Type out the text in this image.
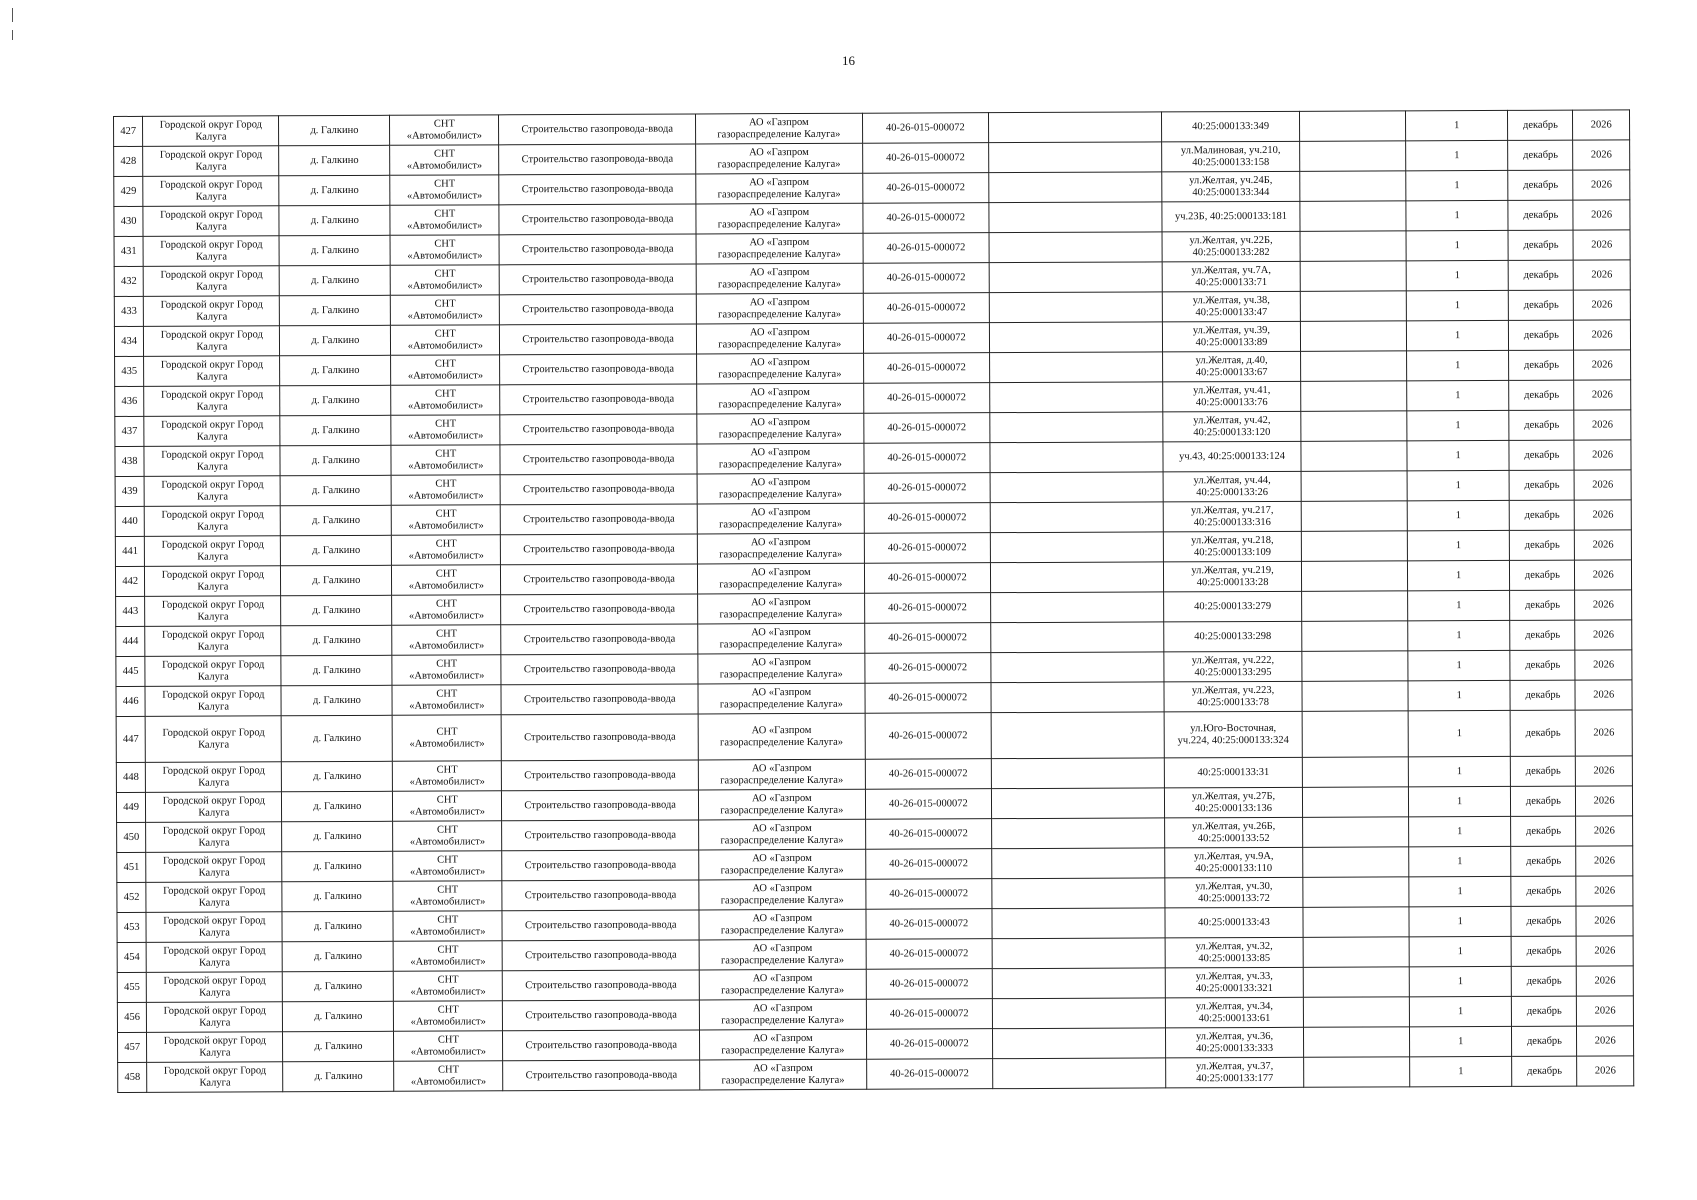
16
427	Городской округ Город
Калуга	д. Галкино	СНТ
«Автомобилист»	Строительство газопровода-ввода	АО «Газпром
газораспределение Калуга»	40-26-015-000072		40:25:000133:349		1	декабрь	2026
428	Городской округ Город
Калуга	д. Галкино	СНТ
«Автомобилист»	Строительство газопровода-ввода	АО «Газпром
газораспределение Калуга»	40-26-015-000072		ул.Малиновая, уч.210,
40:25:000133:158		1	декабрь	2026
429	Городской округ Город
Калуга	д. Галкино	СНТ
«Автомобилист»	Строительство газопровода-ввода	АО «Газпром
газораспределение Калуга»	40-26-015-000072		ул.Желтая, уч.24Б,
40:25:000133:344		1	декабрь	2026
430	Городской округ Город
Калуга	д. Галкино	СНТ
«Автомобилист»	Строительство газопровода-ввода	АО «Газпром
газораспределение Калуга»	40-26-015-000072		уч.23Б, 40:25:000133:181		1	декабрь	2026
431	Городской округ Город
Калуга	д. Галкино	СНТ
«Автомобилист»	Строительство газопровода-ввода	АО «Газпром
газораспределение Калуга»	40-26-015-000072		ул.Желтая, уч.22Б,
40:25:000133:282		1	декабрь	2026
432	Городской округ Город
Калуга	д. Галкино	СНТ
«Автомобилист»	Строительство газопровода-ввода	АО «Газпром
газораспределение Калуга»	40-26-015-000072		ул.Желтая, уч.7А,
40:25:000133:71		1	декабрь	2026
433	Городской округ Город
Калуга	д. Галкино	СНТ
«Автомобилист»	Строительство газопровода-ввода	АО «Газпром
газораспределение Калуга»	40-26-015-000072		ул.Желтая, уч.38,
40:25:000133:47		1	декабрь	2026
434	Городской округ Город
Калуга	д. Галкино	СНТ
«Автомобилист»	Строительство газопровода-ввода	АО «Газпром
газораспределение Калуга»	40-26-015-000072		ул.Желтая, уч.39,
40:25:000133:89		1	декабрь	2026
435	Городской округ Город
Калуга	д. Галкино	СНТ
«Автомобилист»	Строительство газопровода-ввода	АО «Газпром
газораспределение Калуга»	40-26-015-000072		ул.Желтая, д.40,
40:25:000133:67		1	декабрь	2026
436	Городской округ Город
Калуга	д. Галкино	СНТ
«Автомобилист»	Строительство газопровода-ввода	АО «Газпром
газораспределение Калуга»	40-26-015-000072		ул.Желтая, уч.41,
40:25:000133:76		1	декабрь	2026
437	Городской округ Город
Калуга	д. Галкино	СНТ
«Автомобилист»	Строительство газопровода-ввода	АО «Газпром
газораспределение Калуга»	40-26-015-000072		ул.Желтая, уч.42,
40:25:000133:120		1	декабрь	2026
438	Городской округ Город
Калуга	д. Галкино	СНТ
«Автомобилист»	Строительство газопровода-ввода	АО «Газпром
газораспределение Калуга»	40-26-015-000072		уч.43, 40:25:000133:124		1	декабрь	2026
439	Городской округ Город
Калуга	д. Галкино	СНТ
«Автомобилист»	Строительство газопровода-ввода	АО «Газпром
газораспределение Калуга»	40-26-015-000072		ул.Желтая, уч.44,
40:25:000133:26		1	декабрь	2026
440	Городской округ Город
Калуга	д. Галкино	СНТ
«Автомобилист»	Строительство газопровода-ввода	АО «Газпром
газораспределение Калуга»	40-26-015-000072		ул.Желтая, уч.217,
40:25:000133:316		1	декабрь	2026
441	Городской округ Город
Калуга	д. Галкино	СНТ
«Автомобилист»	Строительство газопровода-ввода	АО «Газпром
газораспределение Калуга»	40-26-015-000072		ул.Желтая, уч.218,
40:25:000133:109		1	декабрь	2026
442	Городской округ Город
Калуга	д. Галкино	СНТ
«Автомобилист»	Строительство газопровода-ввода	АО «Газпром
газораспределение Калуга»	40-26-015-000072		ул.Желтая, уч.219,
40:25:000133:28		1	декабрь	2026
443	Городской округ Город
Калуга	д. Галкино	СНТ
«Автомобилист»	Строительство газопровода-ввода	АО «Газпром
газораспределение Калуга»	40-26-015-000072		40:25:000133:279		1	декабрь	2026
444	Городской округ Город
Калуга	д. Галкино	СНТ
«Автомобилист»	Строительство газопровода-ввода	АО «Газпром
газораспределение Калуга»	40-26-015-000072		40:25:000133:298		1	декабрь	2026
445	Городской округ Город
Калуга	д. Галкино	СНТ
«Автомобилист»	Строительство газопровода-ввода	АО «Газпром
газораспределение Калуга»	40-26-015-000072		ул.Желтая, уч.222,
40:25:000133:295		1	декабрь	2026
446	Городской округ Город
Калуга	д. Галкино	СНТ
«Автомобилист»	Строительство газопровода-ввода	АО «Газпром
газораспределение Калуга»	40-26-015-000072		ул.Желтая, уч.223,
40:25:000133:78		1	декабрь	2026
447	Городской округ Город
Калуга	д. Галкино	СНТ
«Автомобилист»	Строительство газопровода-ввода	АО «Газпром
газораспределение Калуга»	40-26-015-000072		ул.Юго-Восточная,
уч.224, 40:25:000133:324		1	декабрь	2026
448	Городской округ Город
Калуга	д. Галкино	СНТ
«Автомобилист»	Строительство газопровода-ввода	АО «Газпром
газораспределение Калуга»	40-26-015-000072		40:25:000133:31		1	декабрь	2026
449	Городской округ Город
Калуга	д. Галкино	СНТ
«Автомобилист»	Строительство газопровода-ввода	АО «Газпром
газораспределение Калуга»	40-26-015-000072		ул.Желтая, уч.27Б,
40:25:000133:136		1	декабрь	2026
450	Городской округ Город
Калуга	д. Галкино	СНТ
«Автомобилист»	Строительство газопровода-ввода	АО «Газпром
газораспределение Калуга»	40-26-015-000072		ул.Желтая, уч.26Б,
40:25:000133:52		1	декабрь	2026
451	Городской округ Город
Калуга	д. Галкино	СНТ
«Автомобилист»	Строительство газопровода-ввода	АО «Газпром
газораспределение Калуга»	40-26-015-000072		ул.Желтая, уч.9А,
40:25:000133:110		1	декабрь	2026
452	Городской округ Город
Калуга	д. Галкино	СНТ
«Автомобилист»	Строительство газопровода-ввода	АО «Газпром
газораспределение Калуга»	40-26-015-000072		ул.Желтая, уч.30,
40:25:000133:72		1	декабрь	2026
453	Городской округ Город
Калуга	д. Галкино	СНТ
«Автомобилист»	Строительство газопровода-ввода	АО «Газпром
газораспределение Калуга»	40-26-015-000072		40:25:000133:43		1	декабрь	2026
454	Городской округ Город
Калуга	д. Галкино	СНТ
«Автомобилист»	Строительство газопровода-ввода	АО «Газпром
газораспределение Калуга»	40-26-015-000072		ул.Желтая, уч.32,
40:25:000133:85		1	декабрь	2026
455	Городской округ Город
Калуга	д. Галкино	СНТ
«Автомобилист»	Строительство газопровода-ввода	АО «Газпром
газораспределение Калуга»	40-26-015-000072		ул.Желтая, уч.33,
40:25:000133:321		1	декабрь	2026
456	Городской округ Город
Калуга	д. Галкино	СНТ
«Автомобилист»	Строительство газопровода-ввода	АО «Газпром
газораспределение Калуга»	40-26-015-000072		ул.Желтая, уч.34,
40:25:000133:61		1	декабрь	2026
457	Городской округ Город
Калуга	д. Галкино	СНТ
«Автомобилист»	Строительство газопровода-ввода	АО «Газпром
газораспределение Калуга»	40-26-015-000072		ул.Желтая, уч.36,
40:25:000133:333		1	декабрь	2026
458	Городской округ Город
Калуга	д. Галкино	СНТ
«Автомобилист»	Строительство газопровода-ввода	АО «Газпром
газораспределение Калуга»	40-26-015-000072		ул.Желтая, уч.37,
40:25:000133:177		1	декабрь	2026
